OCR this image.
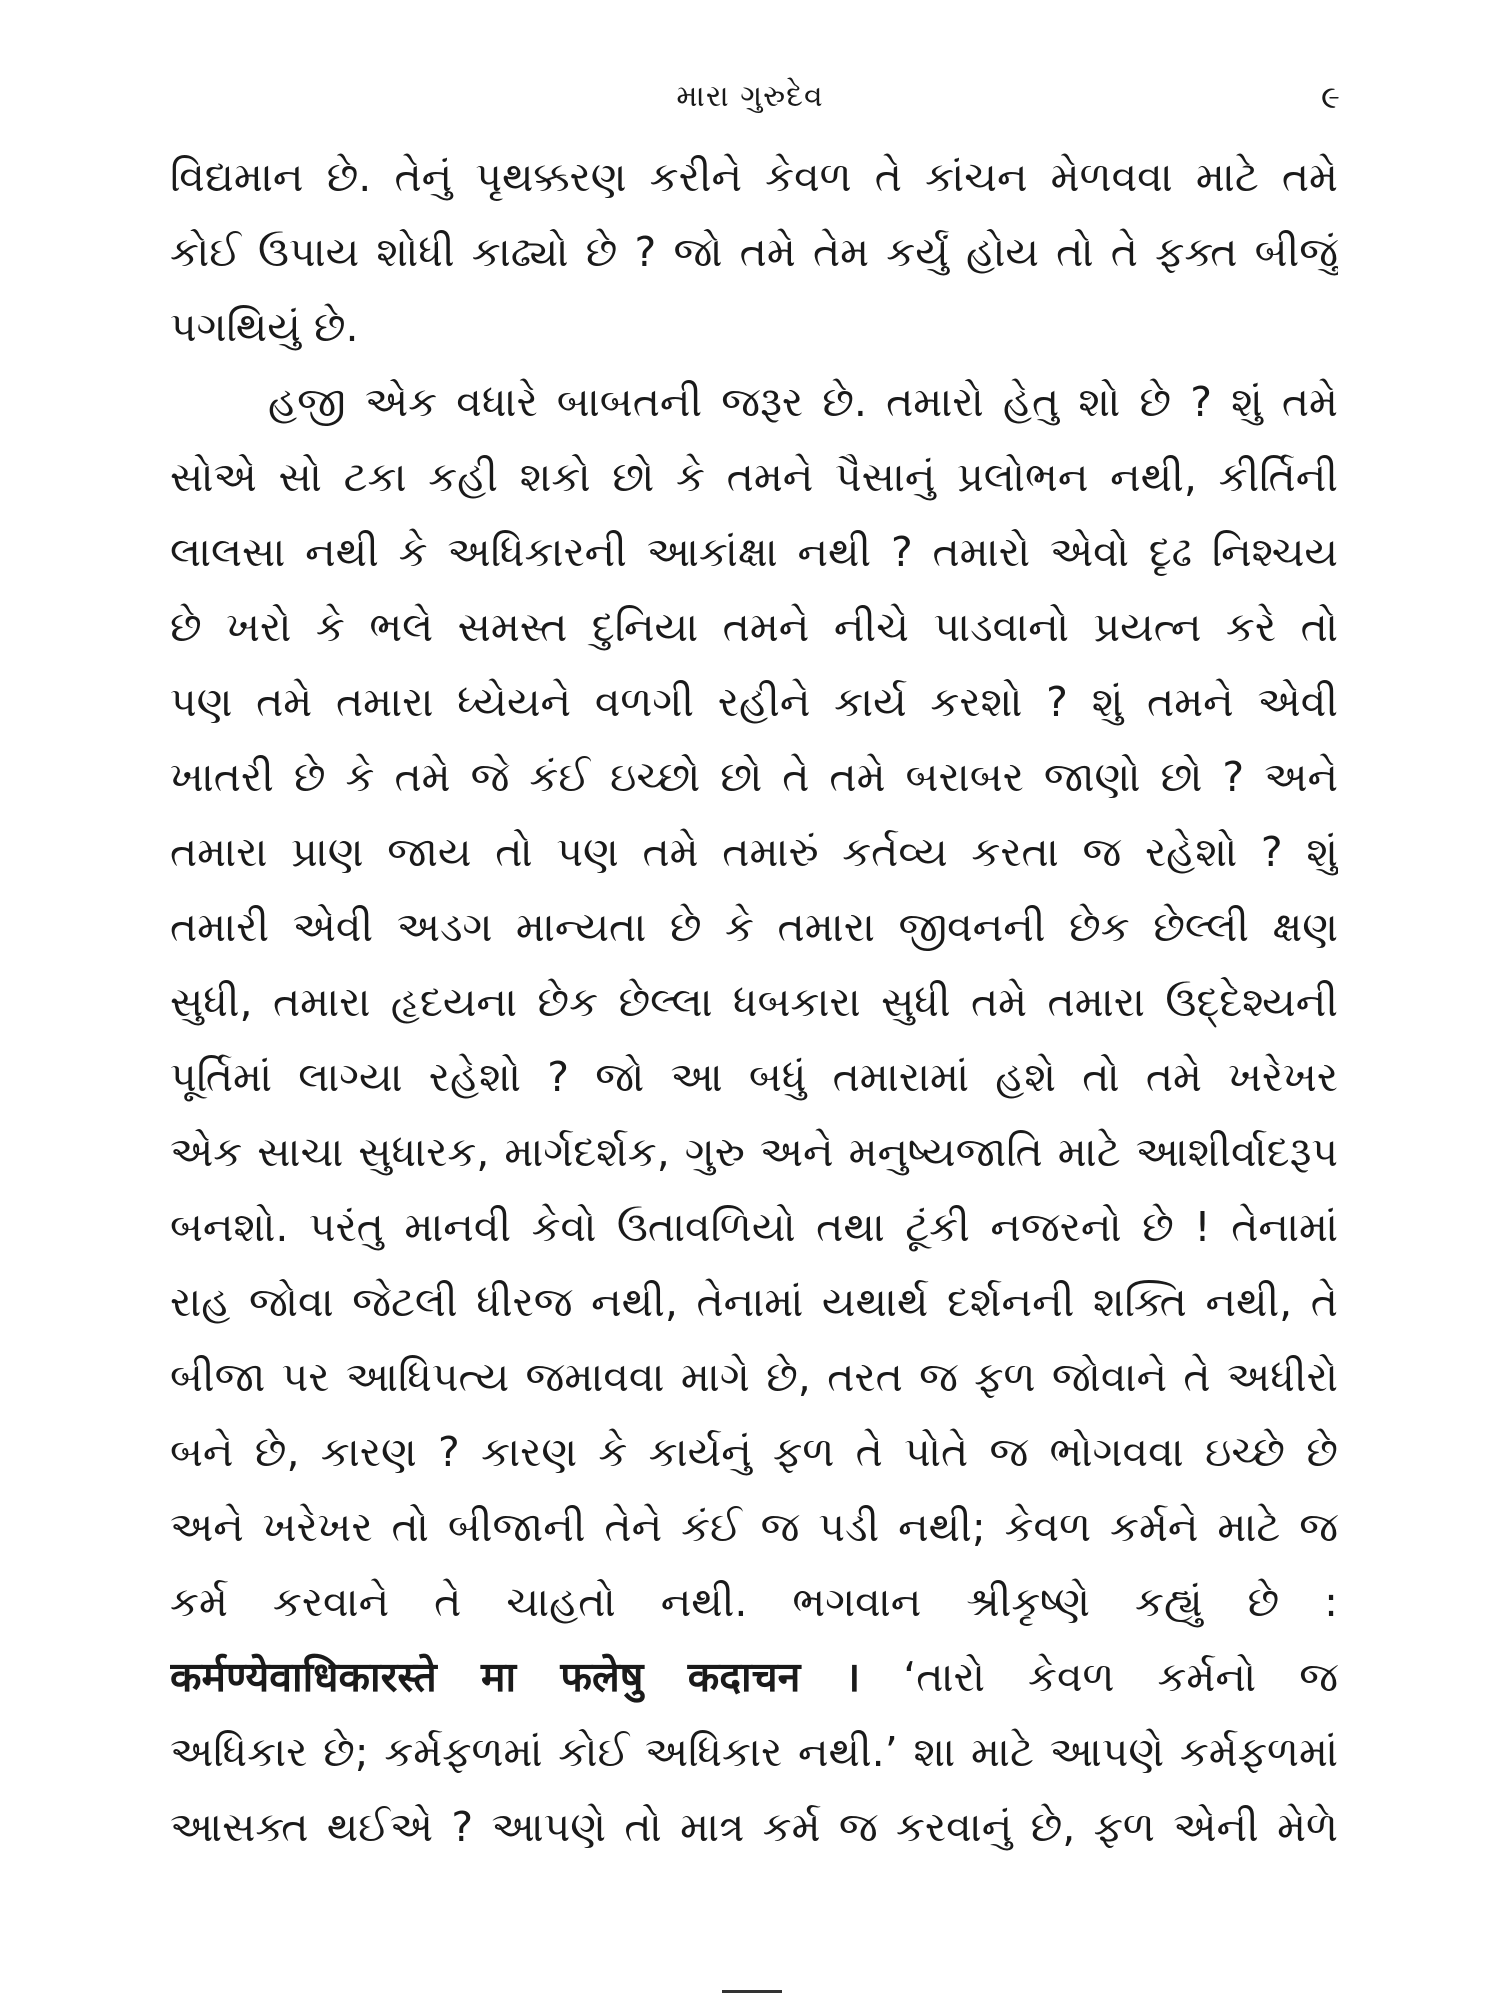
મારા ગુરુદેવ	૯
વિદ્યમાન છે. તેનું પૃથક્કરણ કરીને કેવળ તે કાંચન મેળવવા માટે તમે
કોઈ ઉપાય શોધી કાઢ્યો છે ? જો તમે તેમ કર્યું હોય તો તે ફક્ત બીજું
પગથિયું છે.
હજી એક વધારે બાબતની જરૂર છે. તમારો હેતુ શો છે ? શું તમે
સોએ સો ટકા કહી શકો છો કે તમને પૈસાનું પ્રલોભન નથી, કીર્તિની
લાલસા નથી કે અધિકારની આકાંક્ષા નથી ? તમારો એવો દૃઢ નિશ્ચય
છે ખરો કે ભલે સમસ્ત દુનિયા તમને નીચે પાડવાનો પ્રયત્ન કરે તો
પણ તમે તમારા ધ્યેયને વળગી રહીને કાર્ય કરશો ? શું તમને એવી
ખાતરી છે કે તમે જે કંઈ ઇચ્છો છો તે તમે બરાબર જાણો છો ? અને
તમારા પ્રાણ જાય તો પણ તમે તમારું કર્તવ્ય કરતા જ રહેશો ? શું
તમારી એવી અડગ માન્યતા છે કે તમારા જીવનની છેક છેલ્લી ક્ષણ
સુધી, તમારા હૃદયના છેક છેલ્લા ધબકારા સુધી તમે તમારા ઉદ્દેશ્યની
પૂર્તિમાં લાગ્યા રહેશો ? જો આ બધું તમારામાં હશે તો તમે ખરેખર
એક સાચા સુધારક, માર્ગદર્શક, ગુરુ અને મનુષ્યજાતિ માટે આશીર્વાદરૂપ
બનશો. પરંતુ માનવી કેવો ઉતાવળિયો તથા ટૂંકી નજરનો છે ! તેનામાં
રાહ જોવા જેટલી ધીરજ નથી, તેનામાં યથાર્થ દર્શનની શક્તિ નથી, તે
બીજા પર આધિપત્ય જમાવવા માગે છે, તરત જ ફળ જોવાને તે અધીરો
બને છે, કારણ ? કારણ કે કાર્યનું ફળ તે પોતે જ ભોગવવા ઇચ્છે છે
અને ખરેખર તો બીજાની તેને કંઈ જ પડી નથી; કેવળ કર્મને માટે જ
કર્મ કરવાને તે ચાહતો નથી. ભગવાન શ્રીકૃષ્ણે કહ્યું છે :
कर्मण्येवाधिकारस्ते मा फलेषु कदाचन । ‘તારો કેવળ કર્મનો જ
અધિકાર છે; કર્મફળમાં કોઈ અધિકાર નથી.’ શા માટે આપણે કર્મફળમાં
આસક્ત થઈએ ? આપણે તો માત્ર કર્મ જ કરવાનું છે, ફળ એની મેળે
